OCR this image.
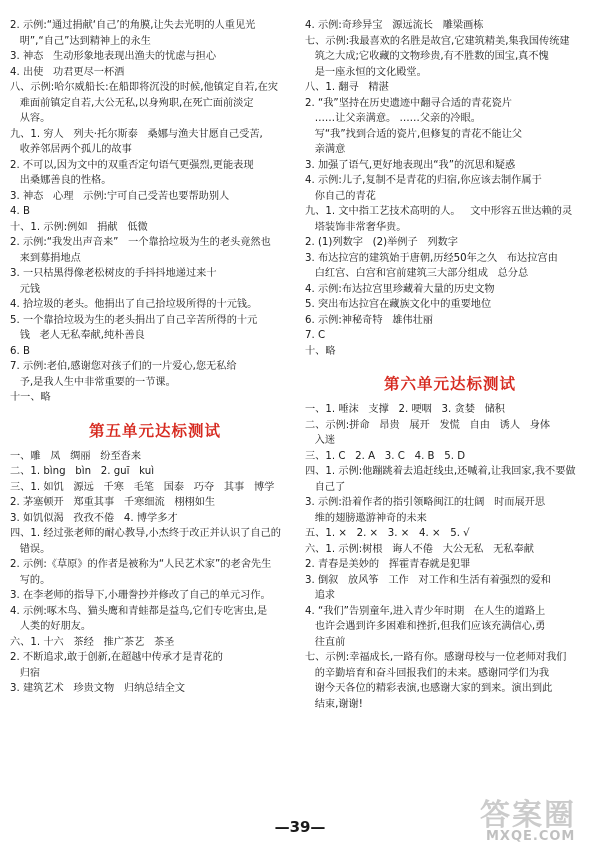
2. 示例:“通过捐献‘自己’的角膜,让失去光明的人重见光
明”,“自己”达到精神上的永生
3. 神态   生动形象地表现出渔夫的忧虑与担心
4. 出使   功君更尽一杯酒
八、示例:哈尔威船长:在船即将沉没的时候,他镇定自若,在灾
难面前镇定自若,大公无私,以身殉职,在死亡面前淡定
从容。
九、1. 穷人   列夫·托尔斯泰   桑娜与渔夫甘愿自己受苦,
收养邻居两个孤儿的故事
2. 不可以,因为文中的双重否定句语气更强烈,更能表现
出桑娜善良的性格。
3. 神态   心理   示例:宁可自己受苦也要帮助别人
4. B
十、1. 示例:例如   捐献   低微
2. 示例:“我发出声音来”   一个靠拾垃圾为生的老头竟然也
来到募捐地点
3. 一只枯黑得像老松树皮的手抖抖地递过来十
元钱
4. 拾垃圾的老头。他捐出了自己拾垃圾所得的十元钱。
5. 一个靠拾垃圾为生的老头捐出了自己辛苦所得的十元
钱   老人无私奉献,纯朴善良
6. B
7. 示例:老伯,感谢您对孩子们的一片爱心,您无私给
予,是我人生中非常重要的一节课。
十一、略
第五单元达标测试
一、雕   凤   绸丽   纷至沓来
二、1. bìng   bìn   2. guī   kuì
三、1. 如饥   源远   千寒   毛笔   国泰   巧夺   其事   博学
2. 茅塞顿开   郑重其事   千寒细流   栩栩如生
3. 如饥似渴   孜孜不倦   4. 博学多才
四、1. 经过张老师的耐心教导,小杰终于改正并认识了自己的
错误。
2. 示例:《草原》的作者是被称为“人民艺术家”的老舍先生
写的。
3. 在李老师的指导下,小珊誊抄并修改了自己的单元习作。
4. 示例:啄木鸟、猫头鹰和青蛙都是益鸟,它们专吃害虫,是
人类的好朋友。
六、1. 十六   茶经   推广茶艺   茶圣
2. 不断追求,敢于创新,在超越中传承才是青花的
归宿
3. 建筑艺术   珍贵文物   归纳总结全文
4. 示例:奇珍异宝   源远流长   雕梁画栋
七、示例:我最喜欢的名胜是故宫,它建筑精美,集我国传统建
筑之大成;它收藏的文物珍贵,有不胜数的国宝,真不愧
是一座永恒的文化殿堂。
八、1. 翻寻   精湛
2. “我”坚持在历史遗迹中翻寻合适的青花瓷片
……让父亲满意。 ……父亲的冷眼。
写“我”找到合适的瓷片,但修复的青花不能让父
亲满意
3. 加强了语气,更好地表现出“我”的沉思和疑惑
4. 示例:儿子,复制不是青花的归宿,你应该去制作属于
你自己的青花
九、1. 文中指工艺技术高明的人。   文中形容五世达赖的灵
塔装饰非常奢华贵。
2. (1)列数字   (2)举例子   列数字
3. 布达拉宫的建筑始于唐朝,历经50年之久   布达拉宫由
白红宫、白宫和宫前建筑三大部分组成   总分总
4. 示例:布达拉宫里珍藏着大量的历史文物
5. 突出布达拉宫在藏族文化中的重要地位
6. 示例:神秘奇特   雄伟壮丽
7. C
十、略
第六单元达标测试
一、1. 唾沫   支撑   2. 哽咽   3. 贪婪   储积
二、示例:拼命   昂贵   展开   发慌   自由   诱人   身体
入迷
三、1. C   2. A   3. C   4. B   5. D
四、1. 示例:他蹦跳着去追赶线虫,还喊着,让我回家,我不要做
自己了
3. 示例:沿着作者的指引领略闽江的壮阔   时而展开思
维的翅膀遨游神奇的未来
五、1. ×   2. ×   3. ×   4. ×   5. √
六、1. 示例:树根   诲人不倦   大公无私   无私奉献
2. 青春是美妙的   挥霍青春就是犯罪
3. 倒叙   放风筝   工作   对工作和生活有着强烈的爱和
追求
4. “我们”告别童年,进入青少年时期   在人生的道路上
也许会遇到许多困难和挫折,但我们应该充满信心,勇
往直前
七、示例:幸福成长,一路有你。感谢母校与一位老师对我们
的辛勤培育和奋斗回报我们的未来。感谢同学们为我
谢今天各位的精彩表演,也感谢大家的到来。演出到此
结束,谢谢!
—39—	答案圈
MXQE.COM
